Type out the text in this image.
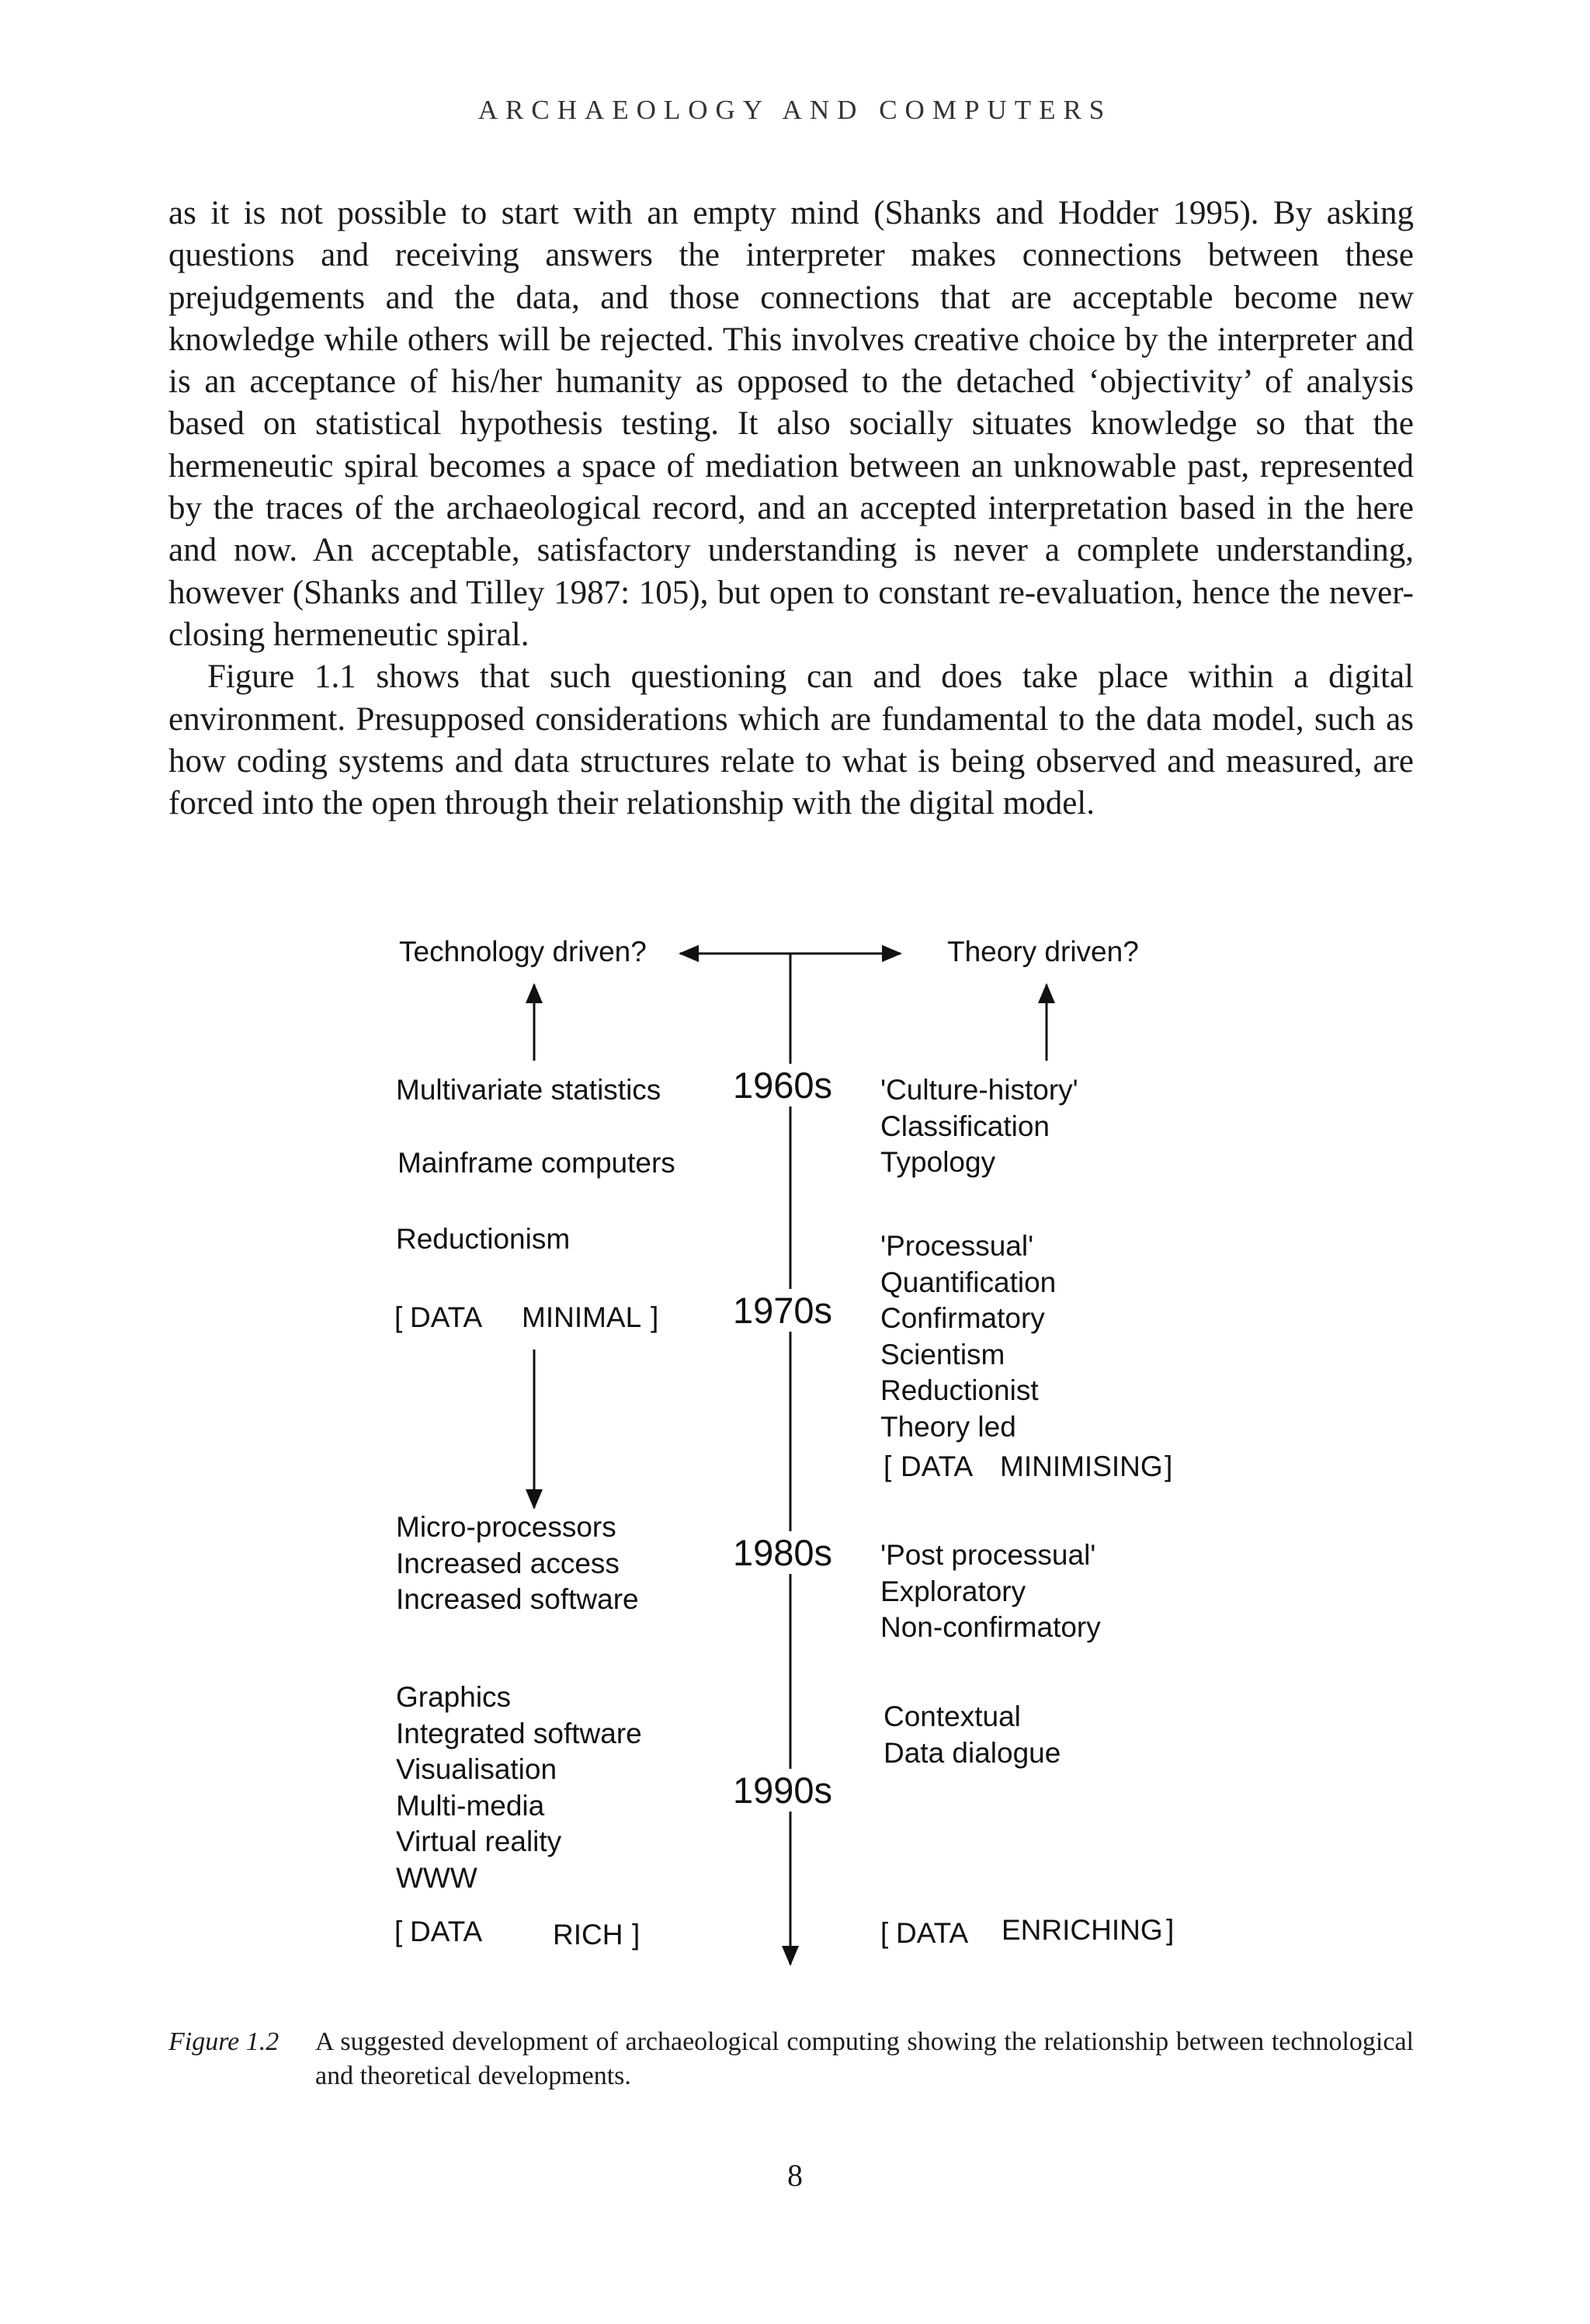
ARCHAEOLOGY AND COMPUTERS

as it is not possible to start with an empty mind (Shanks and Hodder 1995). By asking questions and receiving answers the interpreter makes connections between these prejudgements and the data, and those connections that are acceptable become new knowledge while others will be rejected. This involves creative choice by the interpreter and is an acceptance of his/her humanity as opposed to the detached ‘objectivity’ of analysis based on statistical hypothesis testing. It also socially situates knowledge so that the hermeneutic spiral becomes a space of mediation between an unknowable past, represented by the traces of the archaeological record, and an accepted interpretation based in the here and now. An acceptable, satisfactory understanding is never a complete understanding, however (Shanks and Tilley 1987: 105), but open to constant re-evaluation, hence the never-closing hermeneutic spiral.

Figure 1.1 shows that such questioning can and does take place within a digital environment. Presupposed considerations which are fundamental to the data model, such as how coding systems and data structures relate to what is being observed and measured, are forced into the open through their relationship with the digital model.

Technology driven?	Theory driven?
1960s
1970s
1980s
1990s
Multivariate statistics
Mainframe computers
Reductionism
[ DATA MINIMAL ]
Micro-processors
Increased access
Increased software
Graphics
Integrated software
Visualisation
Multi-media
Virtual reality
WWW
[ DATA RICH ]
'Culture-history'
Classification
Typology
'Processual'
Quantification
Confirmatory
Scientism
Reductionist
Theory led
[ DATA MINIMISING ]
'Post processual'
Exploratory
Non-confirmatory
Contextual
Data dialogue
[ DATA ENRICHING ]
Figure 1.2 A suggested development of archaeological computing showing the relationship between technological and theoretical developments.
8
